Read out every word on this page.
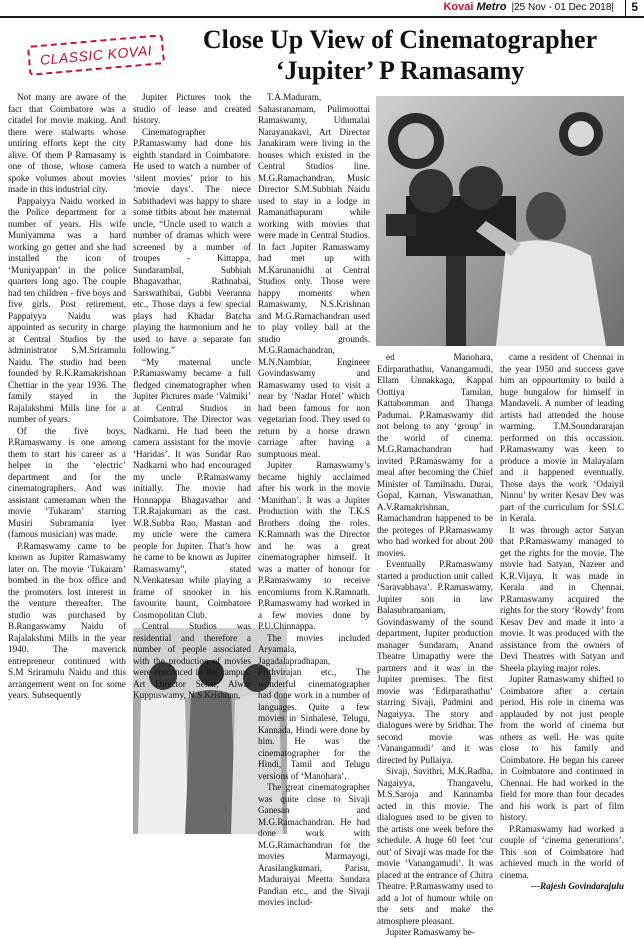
Kovai Metro |25 Nov - 01 Dec 2018| 5
CLASSIC KOVAI
Close Up View of Cinematographer ‘Jupiter’ P Ramasamy

Not many are aware of the fact that Coimbatore was a citadel for movie making. And there were stalwarts whose untiring efforts kept the city alive. Of them P Ramasamy is one of those, whose camera spoke volumes about movies made in this industrial city.

Pappaiyya Naidu worked in the Police department for a number of years. His wife Muniyamma was a hard working go getter and she had installed the icon of ‘Muniyappan’ in the police quarters long ago. The couple had ten children - five boys and five girls. Post retirement, Pappaiyya Naidu was appointed as security in charge at Central Studios by the administrator S.M.Sriramulu Naidu. The studio had been founded by R.K.Ramakrishnan Chettiar in the year 1936. The family stayed in the Rajalakshmi Mills line for a number of years.

Of the five boys, P.Ramaswamy is one among them to start his career as a helper in the ‘electric’ department and for the cinematographers. And was assistant cameraman when the movie ‘Tukaram’ starring Musiri Subramania Iyer (famous musician) was made.

P.Ramaswamy came to be known as Jupiter Ramaswamy later on. The movie ‘Tukaram’ bombed in the box office and the promoters lost interest in the venture thereafter. The studio was purchased by B.Rangaswamy Naidu of Rajalakshmi Mills in the year 1940. The maverick entrepreneur continued with S.M Sriramulu Naidu and this arrangement went on for some years. Subsequently

Jupiter Pictures took the studio of lease and created history.

Cinematographer P.Ramaswamy had done his eighth standard in Coimbatore. He used to watch a number of ‘silent movies’ prior to his ‘movie days’. The niece Sabithadevi was happy to share some titbits about her maternal uncle, “Uncle used to watch a number of dramas which were screened by a number of troupes - Kittappa, Sundarambal, Subbiah Bhagavathar, Rathnabai, Sarswathibai, Gubbi Veeranna etc., Those days a few special plays had Khadar Batcha playing the harmonium and he used to have a separate fan following.”

“My maternal uncle P.Ramaswamy became a full fledged cinematographer when Jupiter Pictures made ‘Valmiki’ at Central Studios in Coimbatore. The Director was Nadkarni. He had been the camera assistant for the movie ‘Haridas’. It was Sundar Rao Nadkarni who had encouraged my uncle P.Ramaswamy initially. The movie had Honnappa Bhagavathar and T.R.Rajakumari as the cast. W.R.Subba Rao, Mastan and my uncle were the camera people for Jupiter. That’s how he came to be known as Jupiter Ramaswamy”, stated N.Venkatesan while playing a frame of snooker in his favourite haunt, Coimbatore Cosmopolitan Club.

Central Studios was residential and therefore a number of people associated with the production of movies were ensconced in the campus. Art Director Sekar, Alwar Kuppuswamy, N.S.Krishnan,

T.A.Maduram, Sahasranamam, Pulimoottai Ramaswamy, Udumalai Narayanakavi, Art Director Janakiram were living in the houses which existed in the Central Studios line. M.G.Ramachandran, Music Director S.M.Subbiah Naidu used to stay in a lodge in Ramanathapuram while working with movies that were made in Central Studios. In fact Jupiter Ramaswamy had met up with M.Karunanidhi at Central Studios only. Those were happy moments when Ramaswamy, N.S.Krishnan and M.G.Ramachandran used to play volley ball at the studio grounds. M.G.Ramachandran, M.N.Nambiar, Engineer Govindaswamy and Ramaswamy used to visit a near by ‘Nadar Hotel’ which had been famous for non vegetarian food. They used to return by a horse drawn carriage after having a sumptuous meal.

Jupiter Ramaswamy’s became highly acclaimed after his work in the movie ‘Manithan’. It was a Jupiter Production with the T.K.S Brothers doing the roles. K.Ramnath was the Director and he was a great cinematographer himself. It was a matter of honour for P.Ramaswamy to receive encomiums from K.Ramnath. P.Ramaswamy had worked in a few movies done by P.U.Chinnappa.

The movies included Aryamala, Jagadalapradhapan, Prithvirajan etc., The wonderful cinematographer had done work in a number of languages. Quite a few movies in Sinhalese, Telugu, Kannada, Hindi were done by him. He was the cinematographer for the Hindi, Tamil and Telugu versions of ‘Manohara’.

The great cinematographer was quite close to Sivaji Ganesan and M.G.Ramachandran. He had done work with M.G.Ramachandran for the movies Marmayogi, Arasilangkumari, Parisu, Maduraiyai Meetta Sundara Pandian etc., and the Sivaji movies includ-

ed Manohara, Edirparathathu, Vanangamudi, Ellam Unnakkaga, Kappal Oottiya Tamilan, Kattabomman and Thanga Padumai. P.Ramaswamy did not belong to any ‘group’ in the world of cinema. M.G.Ramachandran had invited P.Ramaswamy for a meal after becoming the Chief Minister of Tamilnadu. Durai, Gopal, Karnan, Viswanathan, A.V.Ramakrishnan, Ramachandran happened to be the proteges of P.Ramaswamy who had worked for about 200 movies.

Eventually P.Ramaswamy started a production unit called ‘Saravabhava’. P.Ramaswamy, Jupiter son in law Balasubramaniam, Govindaswamy of the sound department, Jupiter production manager Sundaram, Anand Theatre Umapathy were the partners and it was in the Jupiter premises. The first movie was ‘Edirparathathu’ starring Sivaji, Padmini and Nagaiyya. The story and dialogues were by Sridhar. The second movie was ‘Vanangamudi’ and it was directed by Pullaiya.

Sivaji, Savithri, M.K.Radha, Nagaiyya, Thangavelu, M.S.Saroja and Kannamba acted in this movie. The dialogues used to be given to the artists one week before the schedule. A huge 60 feet ‘cut out’ of Sivaji was made for the movie ‘Vanangamudi’. It was placed at the entrance of Chitra Theatre. P.Ramaswamy used to add a lot of humour while on the sets and make the atmosphere pleasant.

Jupiter Ramaswamy be-

came a resident of Chennai in the year 1950 and success gave him an oppourtunity to build a huge bungalow for himself in Mandaveli. A number of leading artists had attended the house warming. T.M.Soundararajan performed on this occassion. P.Ramaswamy was keen to produce a movie in Malayalam and it happened eventually. Those days the work ‘Odaiyil Ninnu’ by writer Kesav Dev was part of the curriculum for SSLC in Kerala.

It was through actor Satyan that P.Ramaswamy managed to get the rights for the movie. The movie had Satyan, Nazeer and K.R.Vijaya. It was made in Kerala and in Chennai. P.Ramaswamy acquired the rights for the story ‘Rowdy’ from Kesav Dev and made it into a movie. It was produced with the assistance from the owners of Devi Theatres with Satyan and Sheela playing major roles.

Jupiter Ramaswamy shifted to Coimbatore after a certain period. His role in cinema was applauded by not just people from the world of cinema but others as well. He was quite close to his family and Coimbatore. He began his career in Coimbatore and continued in Chennai. He had worked in the field for more than four decades and his work is part of film history.

P.Ramaswamy had worked a couple of ‘cinema generations’. This son of Coimbatore had achieved much in the world of cinema.

---Rajesh Govindarajulu
